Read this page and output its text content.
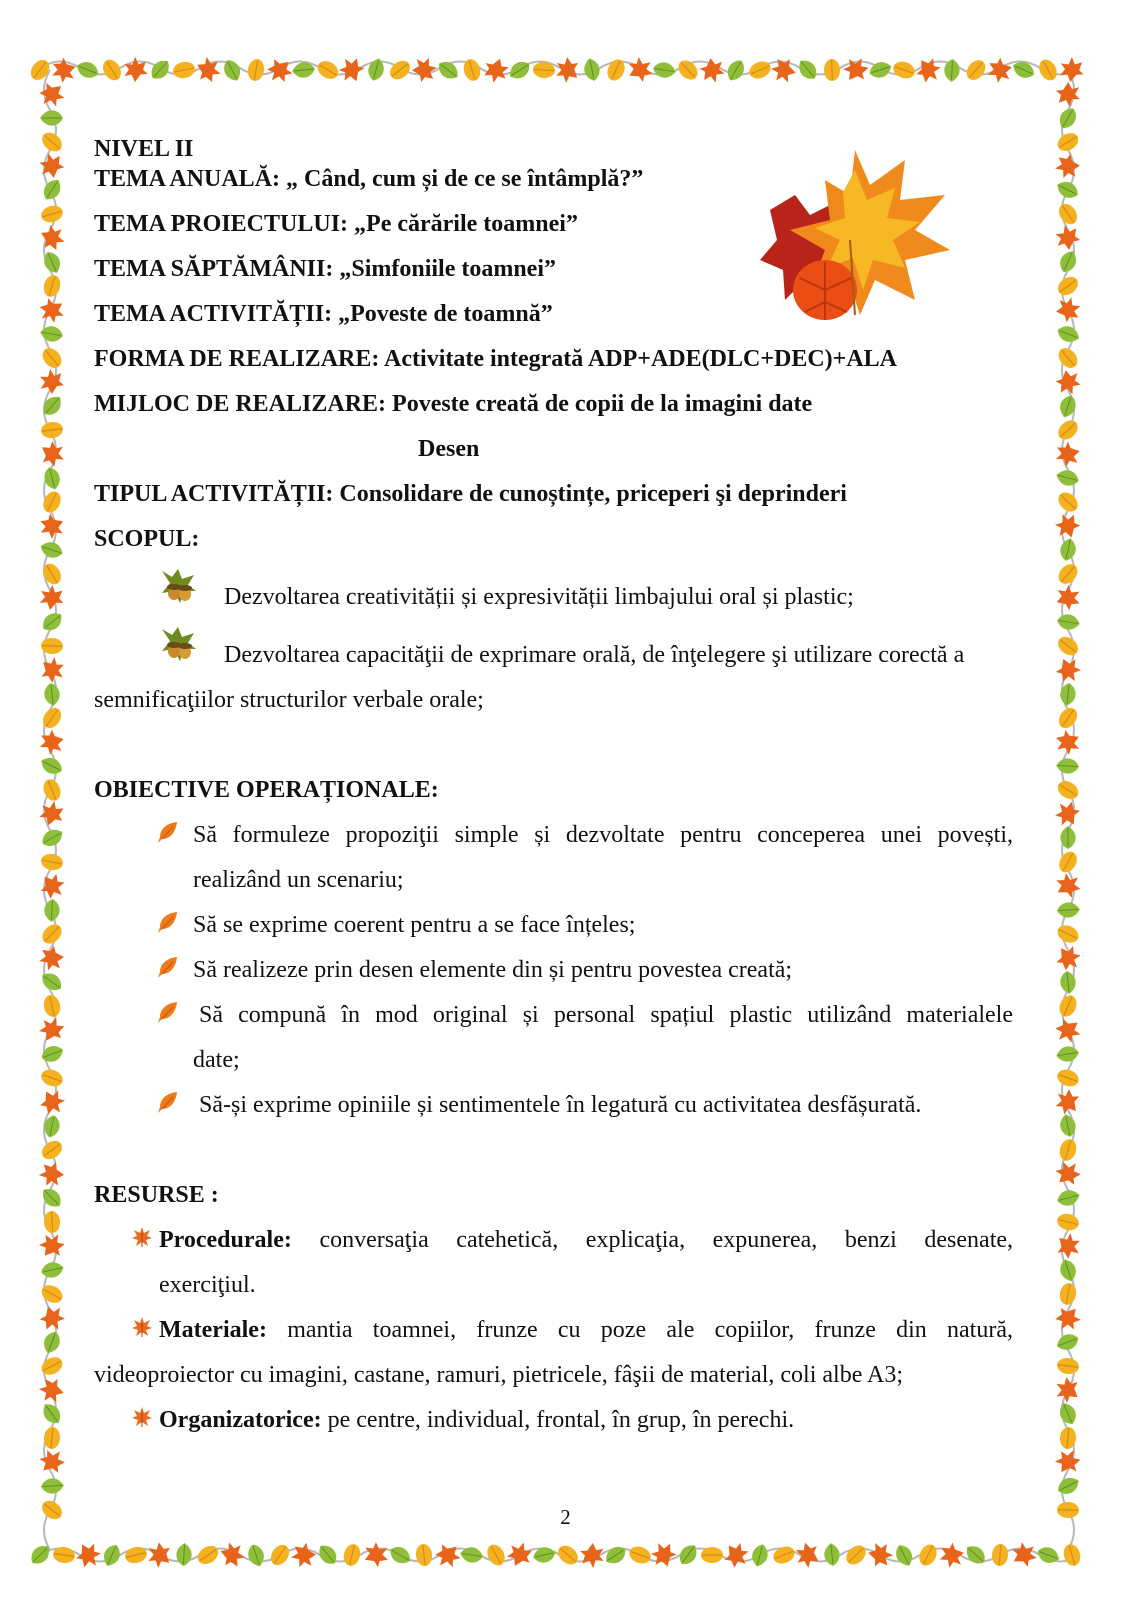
NIVEL II
TEMA ANUALĂ: „ Când, cum și de ce se întâmplă?”
TEMA PROIECTULUI: „Pe cărările toamnei”
TEMA SĂPTĂMÂNII: „Simfoniile toamnei”
TEMA ACTIVITĂȚII: „Poveste de toamnă”
FORMA DE REALIZARE: Activitate integrată ADP+ADE(DLC+DEC)+ALA
MIJLOC DE REALIZARE: Poveste creată de copii de la imagini date
Desen
TIPUL ACTIVITĂȚII: Consolidare de cunoștințe, priceperi şi deprinderi
SCOPUL:
Dezvoltarea creativității și expresivității limbajului oral și plastic;
Dezvoltarea capacităţii de exprimare orală, de înţelegere şi utilizare corectă a
semnificaţiilor structurilor verbale orale;
OBIECTIVE OPERAȚIONALE:
Să formuleze propoziţii simple și dezvoltate pentru conceperea unei povești,
realizând un scenariu;
Să se exprime coerent pentru a se face înțeles;
Să realizeze prin desen elemente din și pentru povestea creată;
Să compună în mod original și personal spațiul plastic utilizând materialele
date;
Să-și exprime opiniile și sentimentele în legatură cu activitatea desfășurată.
RESURSE :
Procedurale: conversaţia catehetică, explicaţia, expunerea, benzi desenate,
exerciţiul.
Materiale: mantia toamnei, frunze cu poze ale copiilor, frunze din natură,
videoproiector cu imagini, castane, ramuri, pietricele, fâşii de material, coli albe A3;
Organizatorice: pe centre, individual, frontal, în grup, în perechi.
2
